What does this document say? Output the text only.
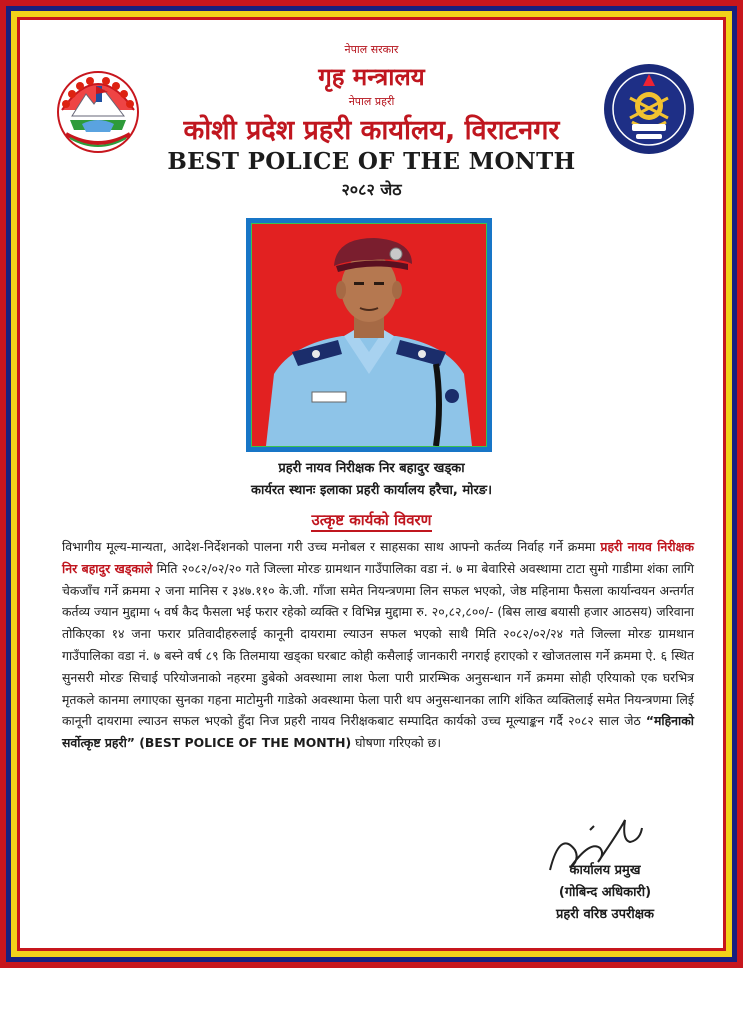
नेपाल सरकार
गृह मन्त्रालय
नेपाल प्रहरी
कोशी प्रदेश प्रहरी कार्यालय, विराटनगर
BEST POLICE OF THE MONTH
२०८२ जेठ
प्रहरी नायव निरीक्षक निर बहादुर खड्का
कार्यरत स्थानः इलाका प्रहरी कार्यालय हरैचा, मोरङ।
उत्कृष्ट कार्यको विवरण
विभागीय मूल्य-मान्यता, आदेश-निर्देशनको पालना गरी उच्च मनोबल र साहसका साथ आफ्नो कर्तव्य निर्वाह गर्ने क्रममा प्रहरी नायव निरीक्षक निर बहादुर खड्काले मिति २०८२/०२/२० गते जिल्ला मोरङ ग्रामथान गाउँपालिका वडा नं. ७ मा बेवारिसे अवस्थामा टाटा सुमो गाडीमा शंका लागि चेकजाँच गर्ने क्रममा २ जना मानिस र ३४७.११० के.जी. गाँजा समेत नियन्त्रणमा लिन सफल भएको, जेष्ठ महिनामा फैसला कार्यान्वयन अन्तर्गत कर्तव्य ज्यान मुद्दामा ५ वर्ष कैद फैसला भई फरार रहेको व्यक्ति र विभिन्न मुद्दामा रु. २०,८२,८००/- (बिस लाख बयासी हजार आठसय) जरिवाना तोकिएका १४ जना फरार प्रतिवादीहरुलाई कानूनी दायरामा ल्याउन सफल भएको साथै मिति २०८२/०२/२४ गते जिल्ला मोरङ ग्रामथान गाउँपालिका वडा नं. ७ बस्ने वर्ष ८९ कि तिलमाया खड्का घरबाट कोही कसैलाई जानकारी नगराई हराएको र खोजतलास गर्ने क्रममा ऐ. ६ स्थित सुनसरी मोरङ सिचाई परियोजनाको नहरमा डुबेको अवस्थामा लाश फेला पारी प्रारम्भिक अनुसन्धान गर्ने क्रममा सोही एरियाको एक घरभित्र मृतकले कानमा लगाएका सुनका गहना माटोमुनी गाडेको अवस्थामा फेला पारी थप अनुसन्धानका लागि शंकित व्यक्तिलाई समेत नियन्त्रणमा लिई कानूनी दायरामा ल्याउन सफल भएको हुँदा निज प्रहरी नायव निरीक्षकबाट सम्पादित कार्यको उच्च मूल्याङ्कन गर्दै २०८२ साल जेठ “महिनाको सर्वोत्कृष्ट प्रहरी” (BEST POLICE OF THE MONTH) घोषणा गरिएको छ।
कार्यालय प्रमुख
(गोबिन्द अधिकारी)
प्रहरी वरिष्ठ उपरीक्षक
